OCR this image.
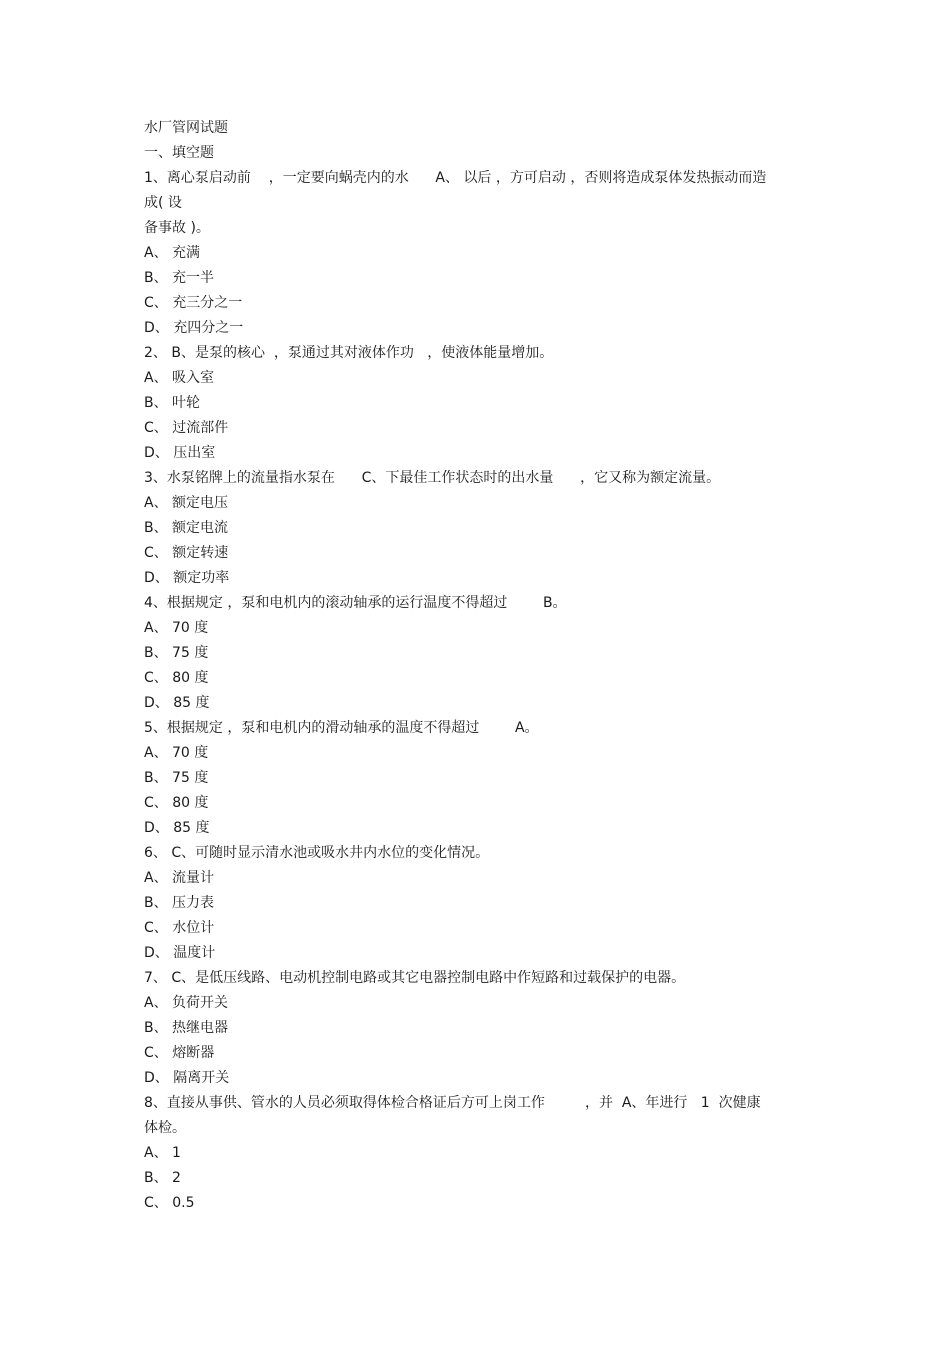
水厂管网试题
一、填空题
1、离心泵启动前    ，一定要向蜗壳内的水      A、 以后 ，方可启动 ，否则将造成泵体发热振动而造
成( 设
备事故 )。
A、 充满
B、 充一半
C、 充三分之一
D、 充四分之一
2、 B、是泵的核心  ，泵通过其对液体作功   ，使液体能量增加。
A、 吸入室
B、 叶轮
C、 过流部件
D、 压出室
3、水泵铭牌上的流量指水泵在      C、下最佳工作状态时的出水量      ，它又称为额定流量。
A、 额定电压
B、 额定电流
C、 额定转速
D、 额定功率
4、根据规定 ，泵和电机内的滚动轴承的运行温度不得超过        B。
A、 70 度
B、 75 度
C、 80 度
D、 85 度
5、根据规定 ，泵和电机内的滑动轴承的温度不得超过        A。
A、 70 度
B、 75 度
C、 80 度
D、 85 度
6、 C、可随时显示清水池或吸水井内水位的变化情况。
A、 流量计
B、 压力表
C、 水位计
D、 温度计
7、 C、是低压线路、电动机控制电路或其它电器控制电路中作短路和过载保护的电器。
A、 负荷开关
B、 热继电器
C、 熔断器
D、 隔离开关
8、直接从事供、管水的人员必须取得体检合格证后方可上岗工作         ，并  A、年进行   1  次健康
体检。
A、 1
B、 2
C、 0.5
